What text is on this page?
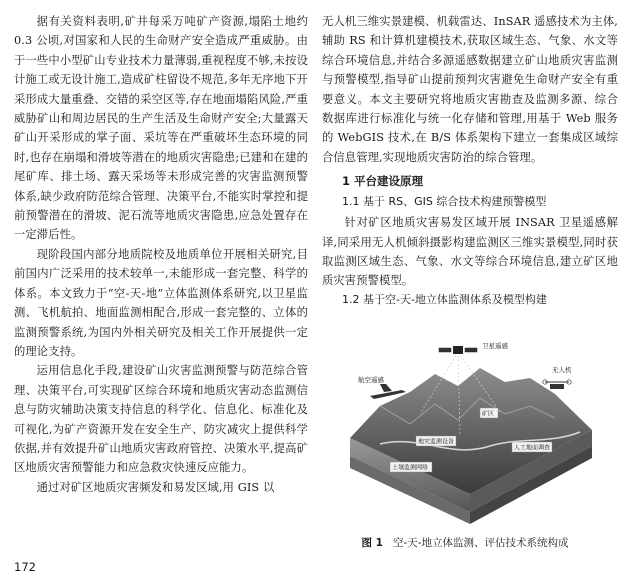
据有关资料表明,矿井每采万吨矿产资源,塌陷土地约 0.3 公顷,对国家和人民的生命财产安全造成严重威胁。由于一些中小型矿山专业技术力量薄弱,重视程度不够,未按设计施工或无设计施工,造成矿柱留设不规范,多年无序地下开采形成大量重叠、交错的采空区等,存在地面塌陷风险,严重威胁矿山和周边居民的生产生活及生命财产安全;大量露天矿山开采形成的掌子面、采坑等在严重破坏生态环境的同时,也存在崩塌和滑坡等潜在的地质灾害隐患;已建和在建的尾矿库、排土场、露天采场等未形成完善的灾害监测预警体系,缺少政府防范综合管理、决策平台,不能实时掌控和提前预警潜在的滑坡、泥石流等地质灾害隐患,应急处置存在一定滞后性。

现阶段国内部分地质院校及地质单位开展相关研究,目前国内广泛采用的技术较单一,未能形成一套完整、科学的体系。本文致力于“空-天-地”立体监测体系研究,以卫星监测、飞机航拍、地面监测相配合,形成一套完整的、立体的监测预警系统,为国内外相关研究及相关工作开展提供一定的理论支持。

运用信息化手段,建设矿山灾害监测预警与防范综合管理、决策平台,可实现矿区综合环境和地质灾害动态监测信息与防灾辅助决策支持信息的科学化、信息化、标准化及可视化,为矿产资源开发在安全生产、防灾减灾上提供科学依据,并有效提升矿山地质灾害政府管控、决策水平,提高矿区地质灾害预警能力和应急救灾快速反应能力。

通过对矿区地质灾害频发和易发区域,用 GIS 以

无人机三维实景建模、机载雷达、InSAR 遥感技术为主体,辅助 RS 和计算机建模技术,获取区域生态、气象、水文等综合环境信息,并结合多源遥感数据建立矿山地质灾害监测与预警模型,指导矿山提前预判灾害避免生命财产安全有重要意义。本文主要研究将地质灾害勘查及监测多源、综合数据库进行标准化与统一化存储和管理,用基于 Web 服务的 WebGIS 技术,在 B/S 体系架构下建立一套集成区域综合信息管理,实现地质灾害防治的综合管理。

1 平台建设原理
1.1 基于 RS、GIS 综合技术构建预警模型

针对矿区地质灾害易发区域开展 INSAR 卫星遥感解译,同采用无人机倾斜摄影构建监测区三维实景模型,同时获取监测区域生态、气象、水文等综合环境信息,建立矿区地质灾害预警模型。

1.2 基于空-天-地立体监测体系及模型构建
卫星遥感
航空遥感
无人机
矿区
地灾监测设备
人工地面调查
土壤监测网络
图 1 空-天-地立体监测、评估技术系统构成
172
